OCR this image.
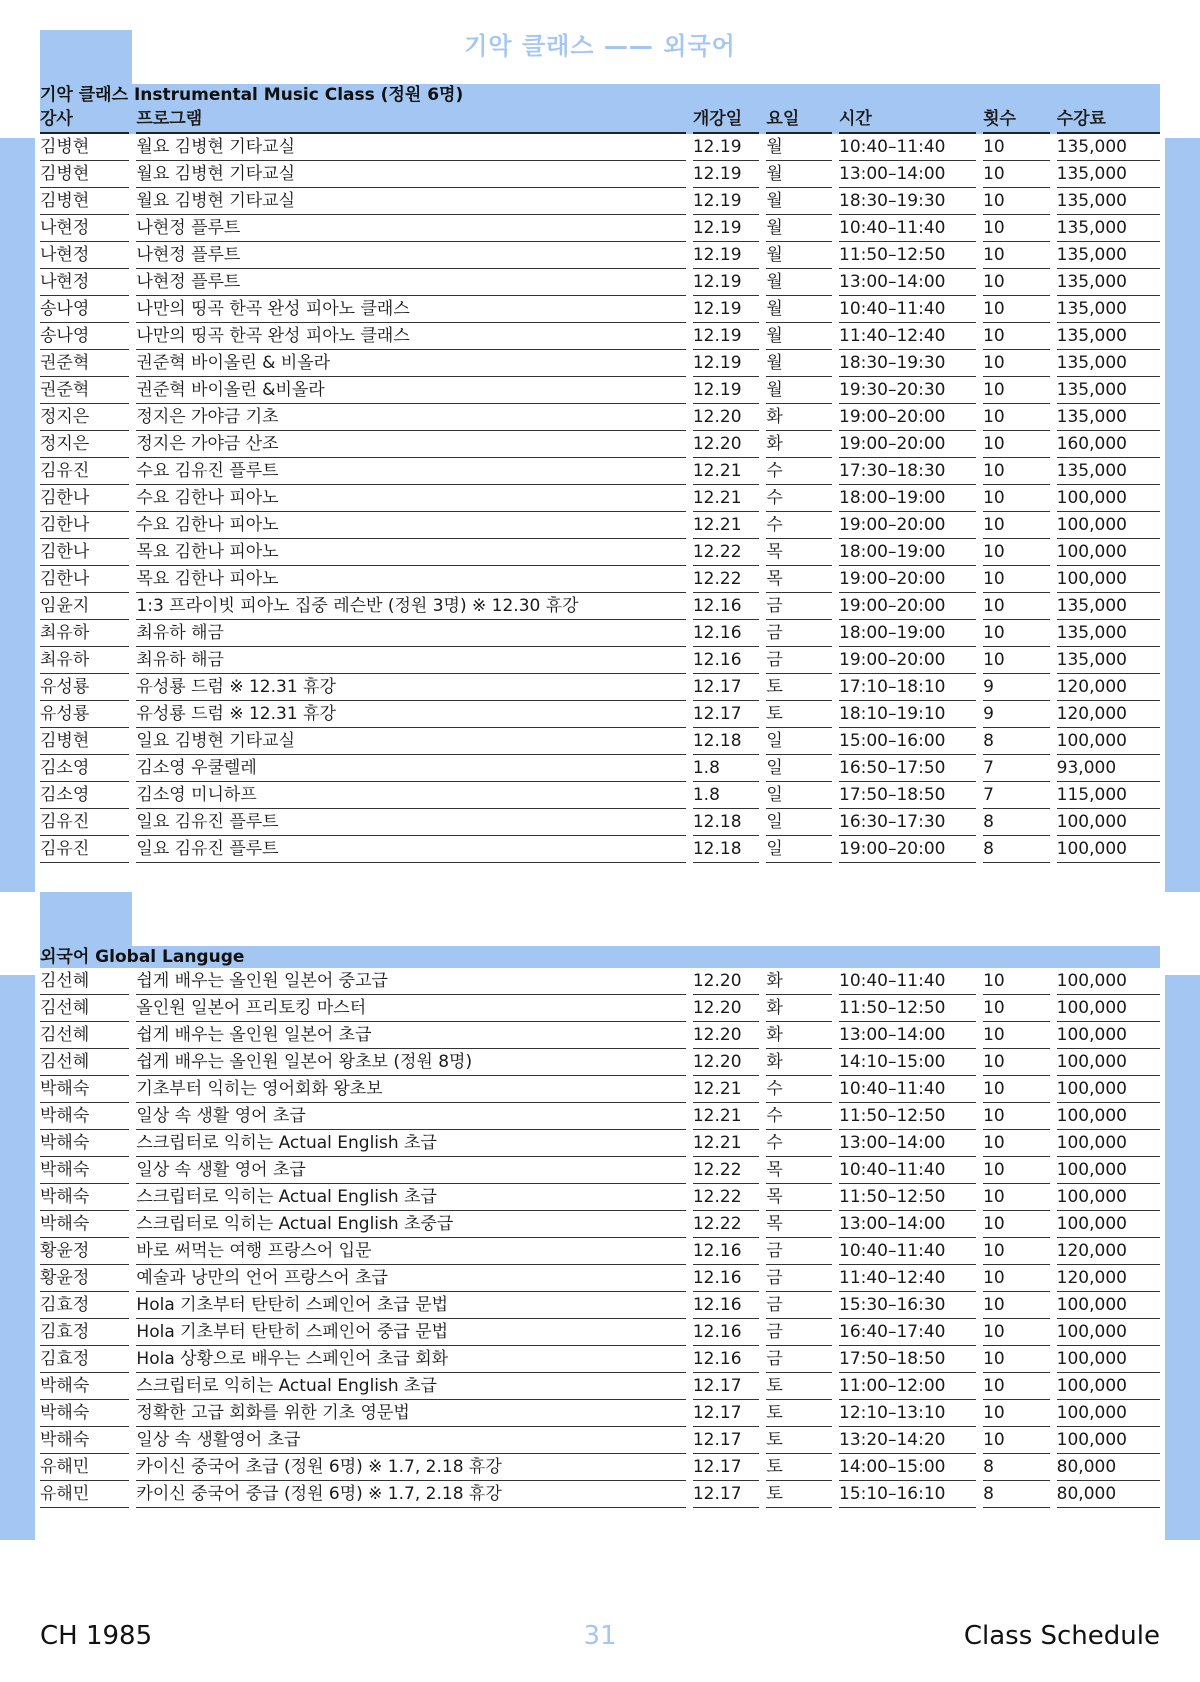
기악 클래스 —— 외국어
기악 클래스 Instrumental Music Class (정원 6명)
강사	프로그램	개강일	요일	시간	횟수	수강료
김병현	월요 김병현 기타교실	12.19	월	10:40–11:40	10	135,000
김병현	월요 김병현 기타교실	12.19	월	13:00–14:00	10	135,000
김병현	월요 김병현 기타교실	12.19	월	18:30–19:30	10	135,000
나현정	나현정 플루트	12.19	월	10:40–11:40	10	135,000
나현정	나현정 플루트	12.19	월	11:50–12:50	10	135,000
나현정	나현정 플루트	12.19	월	13:00–14:00	10	135,000
송나영	나만의 띵곡 한곡 완성 피아노 클래스	12.19	월	10:40–11:40	10	135,000
송나영	나만의 띵곡 한곡 완성 피아노 클래스	12.19	월	11:40–12:40	10	135,000
권준혁	권준혁 바이올린 & 비올라	12.19	월	18:30–19:30	10	135,000
권준혁	권준혁 바이올린 &비올라	12.19	월	19:30–20:30	10	135,000
정지은	정지은 가야금 기초	12.20	화	19:00–20:00	10	135,000
정지은	정지은 가야금 산조	12.20	화	19:00–20:00	10	160,000
김유진	수요 김유진 플루트	12.21	수	17:30–18:30	10	135,000
김한나	수요 김한나 피아노	12.21	수	18:00–19:00	10	100,000
김한나	수요 김한나 피아노	12.21	수	19:00–20:00	10	100,000
김한나	목요 김한나 피아노	12.22	목	18:00–19:00	10	100,000
김한나	목요 김한나 피아노	12.22	목	19:00–20:00	10	100,000
임윤지	1:3 프라이빗 피아노 집중 레슨반 (정원 3명) ※ 12.30 휴강	12.16	금	19:00–20:00	10	135,000
최유하	최유하 해금	12.16	금	18:00–19:00	10	135,000
최유하	최유하 해금	12.16	금	19:00–20:00	10	135,000
유성룡	유성룡 드럼 ※ 12.31 휴강	12.17	토	17:10–18:10	9	120,000
유성룡	유성룡 드럼 ※ 12.31 휴강	12.17	토	18:10–19:10	9	120,000
김병현	일요 김병현 기타교실	12.18	일	15:00–16:00	8	100,000
김소영	김소영 우쿨렐레	1.8	일	16:50–17:50	7	93,000
김소영	김소영 미니하프	1.8	일	17:50–18:50	7	115,000
김유진	일요 김유진 플루트	12.18	일	16:30–17:30	8	100,000
김유진	일요 김유진 플루트	12.18	일	19:00–20:00	8	100,000
외국어 Global Languge
김선혜	쉽게 배우는 올인원 일본어 중고급	12.20	화	10:40–11:40	10	100,000
김선혜	올인원 일본어 프리토킹 마스터	12.20	화	11:50–12:50	10	100,000
김선혜	쉽게 배우는 올인원 일본어 초급	12.20	화	13:00–14:00	10	100,000
김선혜	쉽게 배우는 올인원 일본어 왕초보 (정원 8명)	12.20	화	14:10–15:00	10	100,000
박해숙	기초부터 익히는 영어회화 왕초보	12.21	수	10:40–11:40	10	100,000
박해숙	일상 속 생활 영어 초급	12.21	수	11:50–12:50	10	100,000
박해숙	스크립터로 익히는 Actual English 초급	12.21	수	13:00–14:00	10	100,000
박해숙	일상 속 생활 영어 초급	12.22	목	10:40–11:40	10	100,000
박해숙	스크립터로 익히는 Actual English 초급	12.22	목	11:50–12:50	10	100,000
박해숙	스크립터로 익히는 Actual English 초중급	12.22	목	13:00–14:00	10	100,000
황윤정	바로 써먹는 여행 프랑스어 입문	12.16	금	10:40–11:40	10	120,000
황윤정	예술과 낭만의 언어 프랑스어 초급	12.16	금	11:40–12:40	10	120,000
김효정	Hola 기초부터 탄탄히 스페인어 초급 문법	12.16	금	15:30–16:30	10	100,000
김효정	Hola 기초부터 탄탄히 스페인어 중급 문법	12.16	금	16:40–17:40	10	100,000
김효정	Hola 상황으로 배우는 스페인어 초급 회화	12.16	금	17:50–18:50	10	100,000
박해숙	스크립터로 익히는 Actual English 초급	12.17	토	11:00–12:00	10	100,000
박해숙	정확한 고급 회화를 위한 기초 영문법	12.17	토	12:10–13:10	10	100,000
박해숙	일상 속 생활영어 초급	12.17	토	13:20–14:20	10	100,000
유해민	카이신 중국어 초급 (정원 6명) ※ 1.7, 2.18 휴강	12.17	토	14:00–15:00	8	80,000
유해민	카이신 중국어 중급 (정원 6명) ※ 1.7, 2.18 휴강	12.17	토	15:10–16:10	8	80,000
CH 1985	31	Class Schedule
